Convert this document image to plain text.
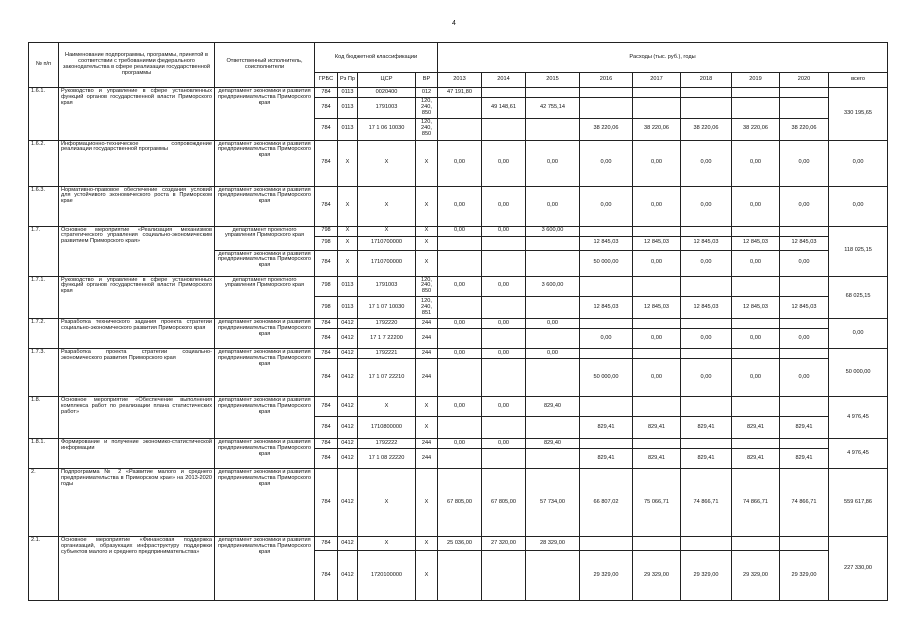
4
№ п/п	Наименование подпрограммы, программы, принятой в соответствии с требованиями федерального законодательства в сфере реализации государственной программы	Ответственный исполнитель, соисполнители	Код бюджетной классификации				Расходы (тыс. руб.), годы								
			ГРБС	Рз Пр	ЦСР	ВР	2013	2014	2015	2016	2017	2018	2019	2020	всего
1.6.1.	Руководство и управление в сфере установленных функций органов государственной власти Приморского края	департамент экономики и развития предпринимательства Приморского края	784	0113	0020400	012	47 191,80								330 195,65
			784	0113	1791003	120, 240, 850		49 148,61	42 755,14						
			784	0113	17 1 06 10030	120, 240, 850				38 220,06	38 220,06	38 220,06	38 220,06	38 220,06	
1.6.2.	Информационно-техническое сопровождение реализации государственной программы	департамент экономики и развития предпринимательства Приморского края	784	X	X	X	0,00	0,00	0,00	0,00	0,00	0,00	0,00	0,00	0,00
1.6.3.	Нормативно-правовое обеспечение создания условий для устойчивого экономического роста в Приморском крае	департамент экономики и развития предпринимательства Приморского края	784	X	X	X	0,00	0,00	0,00	0,00	0,00	0,00	0,00	0,00	0,00
1.7.	Основное мероприятие «Реализация механизмов стратегического управления социально-экономическим развитием Приморского края»	департамент проектного управления Приморского края	798	X	X	X	0,00	0,00	3 600,00						118 025,15
			798	X	1710700000	X				12 845,03	12 845,03	12 845,03	12 845,03	12 845,03	
		департамент экономики и развития предпринимательства Приморского края	784	X	1710700000	X				50 000,00	0,00	0,00	0,00	0,00	
1.7.1.	Руководство и управление в сфере установленных функций органов государственной власти Приморского края	департамент проектного управления Приморского края	798	0113	1791003	120, 240, 850	0,00	0,00	3 600,00						68 025,15
			798	0113	17 1 07 10030	120, 240, 851				12 845,03	12 845,03	12 845,03	12 845,03	12 845,03	
1.7.2.	Разработка технического задания проекта стратегии социально-экономического развития Приморского края	департамент экономики и развития предпринимательства Приморского края	784	0412	1792220	244	0,00	0,00	0,00						0,00
			784	0412	17 1 7 22200	244				0,00	0,00	0,00	0,00	0,00	
1.7.3.	Разработка проекта стратегии социально-экономического развития Приморского края	департамент экономики и развития предпринимательства Приморского края	784	0412	1792221	244	0,00	0,00	0,00						50 000,00
			784	0412	17 1 07 22210	244				50 000,00	0,00	0,00	0,00	0,00	
1.8.	Основное мероприятие «Обеспечение выполнения комплекса работ по реализации плана статистических работ»	департамент экономики и развития предпринимательства Приморского края	784	0412	X	X	0,00	0,00	829,40						4 976,45
			784	0412	1710800000	X				829,41	829,41	829,41	829,41	829,41	
1.8.1.	Формирование и получение экономико-статистической информации	департамент экономики и развития предпринимательства Приморского края	784	0412	1792222	244	0,00	0,00	829,40						4 976,45
			784	0412	17 1 08 22220	244				829,41	829,41	829,41	829,41	829,41	
2.	Подпрограмма № 2 «Развитие малого и среднего предпринимательства в Приморском крае» на 2013-2020 годы	департамент экономики и развития предпринимательства Приморского края	784	0412	X	X	67 805,00	67 805,00	57 734,00	66 807,02	75 066,71	74 866,71	74 866,71	74 866,71	559 617,86
2.1.	Основное мероприятие «Финансовая поддержка организаций, образующих инфраструктуру поддержки субъектов малого и среднего предпринимательства»	департамент экономики и развития предпринимательства Приморского края	784	0412	X	X	25 036,00	27 320,00	28 329,00						227 330,00
			784	0412	1720100000	X				29 329,00	29 329,00	29 329,00	29 329,00	29 329,00	
